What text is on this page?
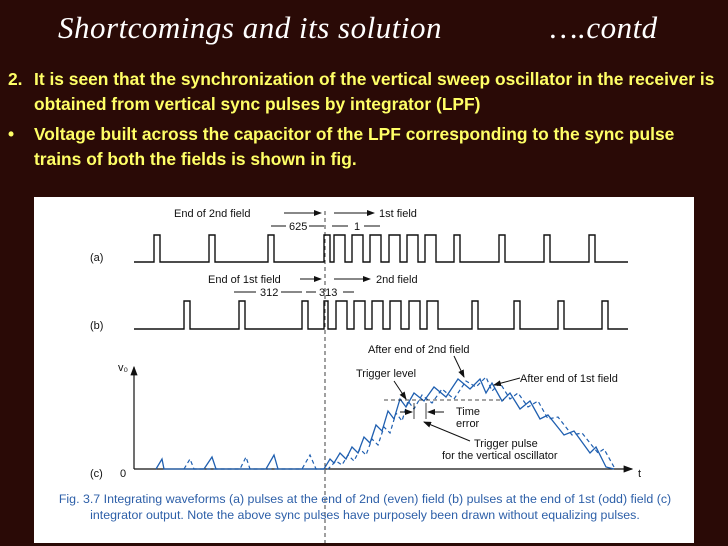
Shortcomings and its solution	….contd
2. It is seen that the synchronization of the vertical sweep oscillator in the receiver is obtained from vertical sync pulses by integrator (LPF)
• Voltage built across the capacitor of the LPF corresponding to the sync pulse trains of both the fields is shown in fig.
(a)
End of 2nd field	1st field
625	1
(b)
End of 1st field	2nd field
312	313
(c)
v₀
0	t
Trigger level
After end of 2nd field
After end of 1st field
Time
error
Trigger pulse
for the vertical oscillator
Fig. 3.7 Integrating waveforms (a) pulses at the end of 2nd (even) field (b) pulses at the end of 1st (odd) field (c) integrator output. Note the above sync pulses have purposely been drawn without equalizing pulses.
